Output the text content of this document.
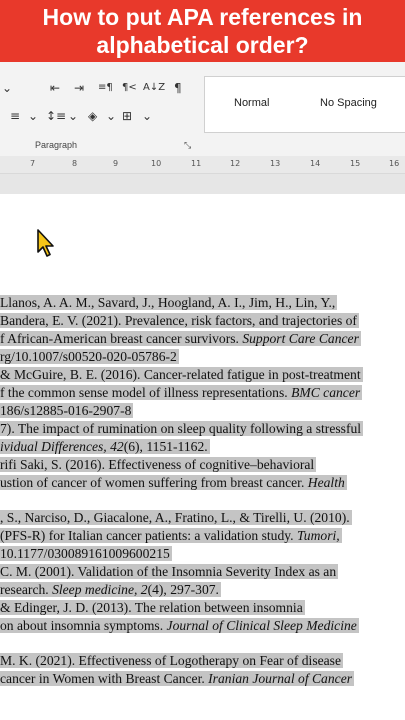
How to put APA references in
alphabetical order?
⌄	⇤ ⇥ ≡¶ ¶< A↓Z ¶
≡ ⌄ ↕≡ ⌄ ◈ ⌄ ⊞ ⌄
Paragraph	⤡
Normal	No Spacing
7	8	9	10	11	12	13	14	15	16
Llanos, A. A. M., Savard, J., Hoogland, A. I., Jim, H., Lin, Y.,
Bandera, E. V. (2021). Prevalence, risk factors, and trajectories of
f African-American breast cancer survivors. Support Care Cancer
rg/10.1007/s00520-020-05786-2
& McGuire, B. E. (2016). Cancer-related fatigue in post-treatment
f the common sense model of illness representations. BMC cancer
186/s12885-016-2907-8
7). The impact of rumination on sleep quality following a stressful
ividual Differences, 42(6), 1151-1162.
rifi Saki, S. (2016). Effectiveness of cognitive–behavioral
ustion of cancer of women suffering from breast cancer. Health
, S., Narciso, D., Giacalone, A., Fratino, L., & Tirelli, U. (2010).
(PFS-R) for Italian cancer patients: a validation study. Tumori,
10.1177/030089161009600215
C. M. (2001). Validation of the Insomnia Severity Index as an
research. Sleep medicine, 2(4), 297-307.
& Edinger, J. D. (2013). The relation between insomnia
on about insomnia symptoms. Journal of Clinical Sleep Medicine
M. K. (2021). Effectiveness of Logotherapy on Fear of disease
cancer in Women with Breast Cancer. Iranian Journal of Cancer
